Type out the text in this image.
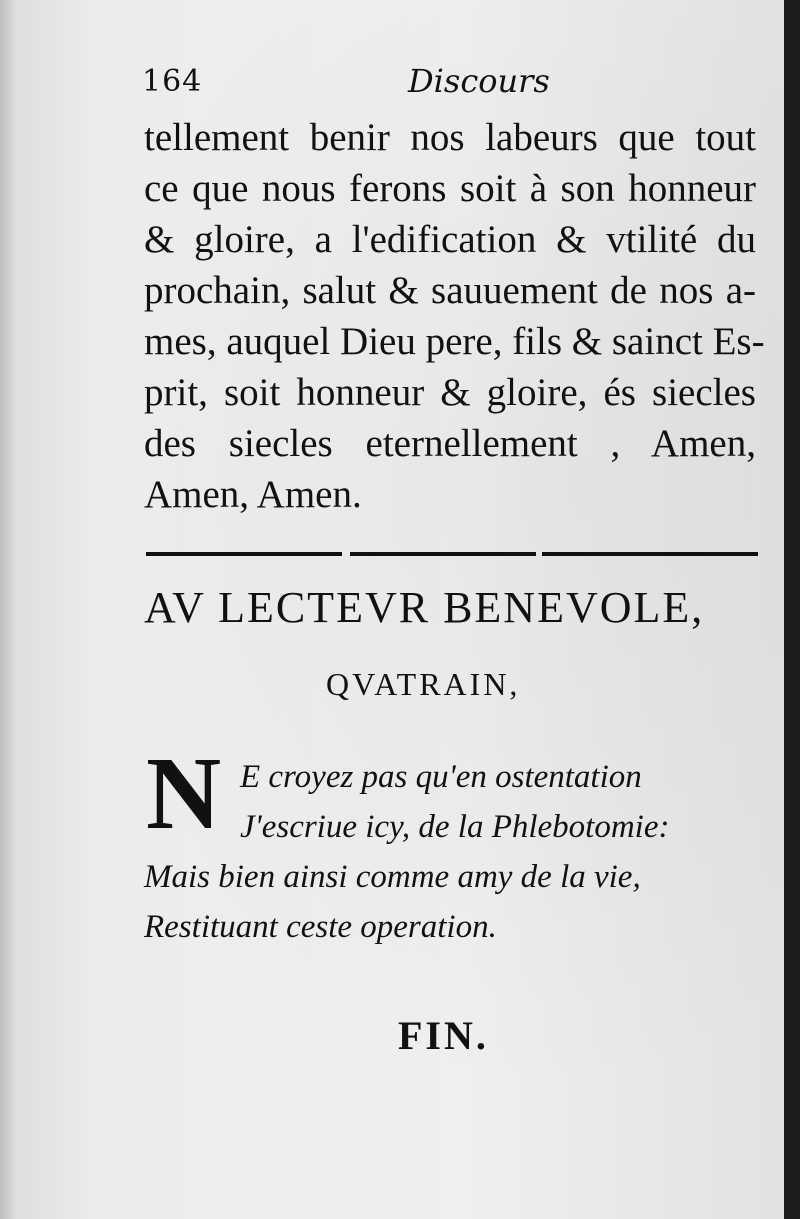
164	Discours
tellement benir nos labeurs que tout
ce que nous ferons soit à son honneur
& gloire, a l'edification & vtilité du
prochain, salut & sauuement de nos a-
mes, auquel Dieu pere, fils & sainct Es-
prit, soit honneur & gloire, és siecles
des siecles eternellement , Amen,
Amen, Amen.
AV LECTEVR BENEVOLE,
QVATRAIN,
N E croyez pas qu'en ostentation
J'escriue icy, de la Phlebotomie:
Mais bien ainsi comme amy de la vie,
Restituant ceste operation.
FIN.
